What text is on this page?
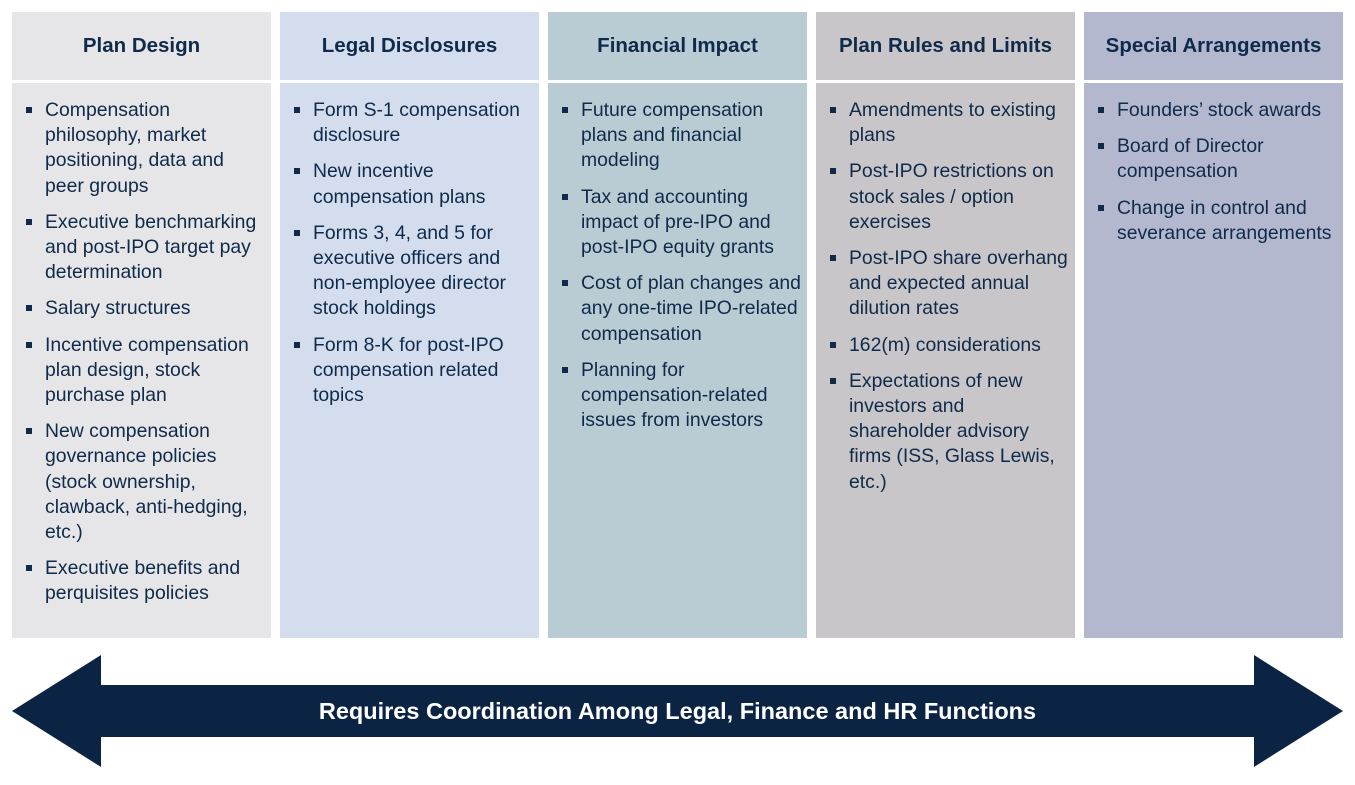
Plan Design
Compensation philosophy, market positioning, data and peer groups
Executive benchmarking and post-IPO target pay determination
Salary structures
Incentive compensation plan design, stock purchase plan
New compensation governance policies (stock ownership, clawback, anti-hedging, etc.)
Executive benefits and perquisites policies
Legal Disclosures
Form S-1 compensation disclosure
New incentive compensation plans
Forms 3, 4, and 5 for executive officers and non-employee director stock holdings
Form 8-K for post-IPO compensation related topics
Financial Impact
Future compensation plans and financial modeling
Tax and accounting impact of pre-IPO and post-IPO equity grants
Cost of plan changes and any one-time IPO-related compensation
Planning for compensation-related issues from investors
Plan Rules and Limits
Amendments to existing plans
Post-IPO restrictions on stock sales / option exercises
Post-IPO share overhang and expected annual dilution rates
162(m) considerations
Expectations of new investors and shareholder advisory firms (ISS, Glass Lewis, etc.)
Special Arrangements
Founders’ stock awards
Board of Director compensation
Change in control and severance arrangements
Requires Coordination Among Legal, Finance and HR Functions
